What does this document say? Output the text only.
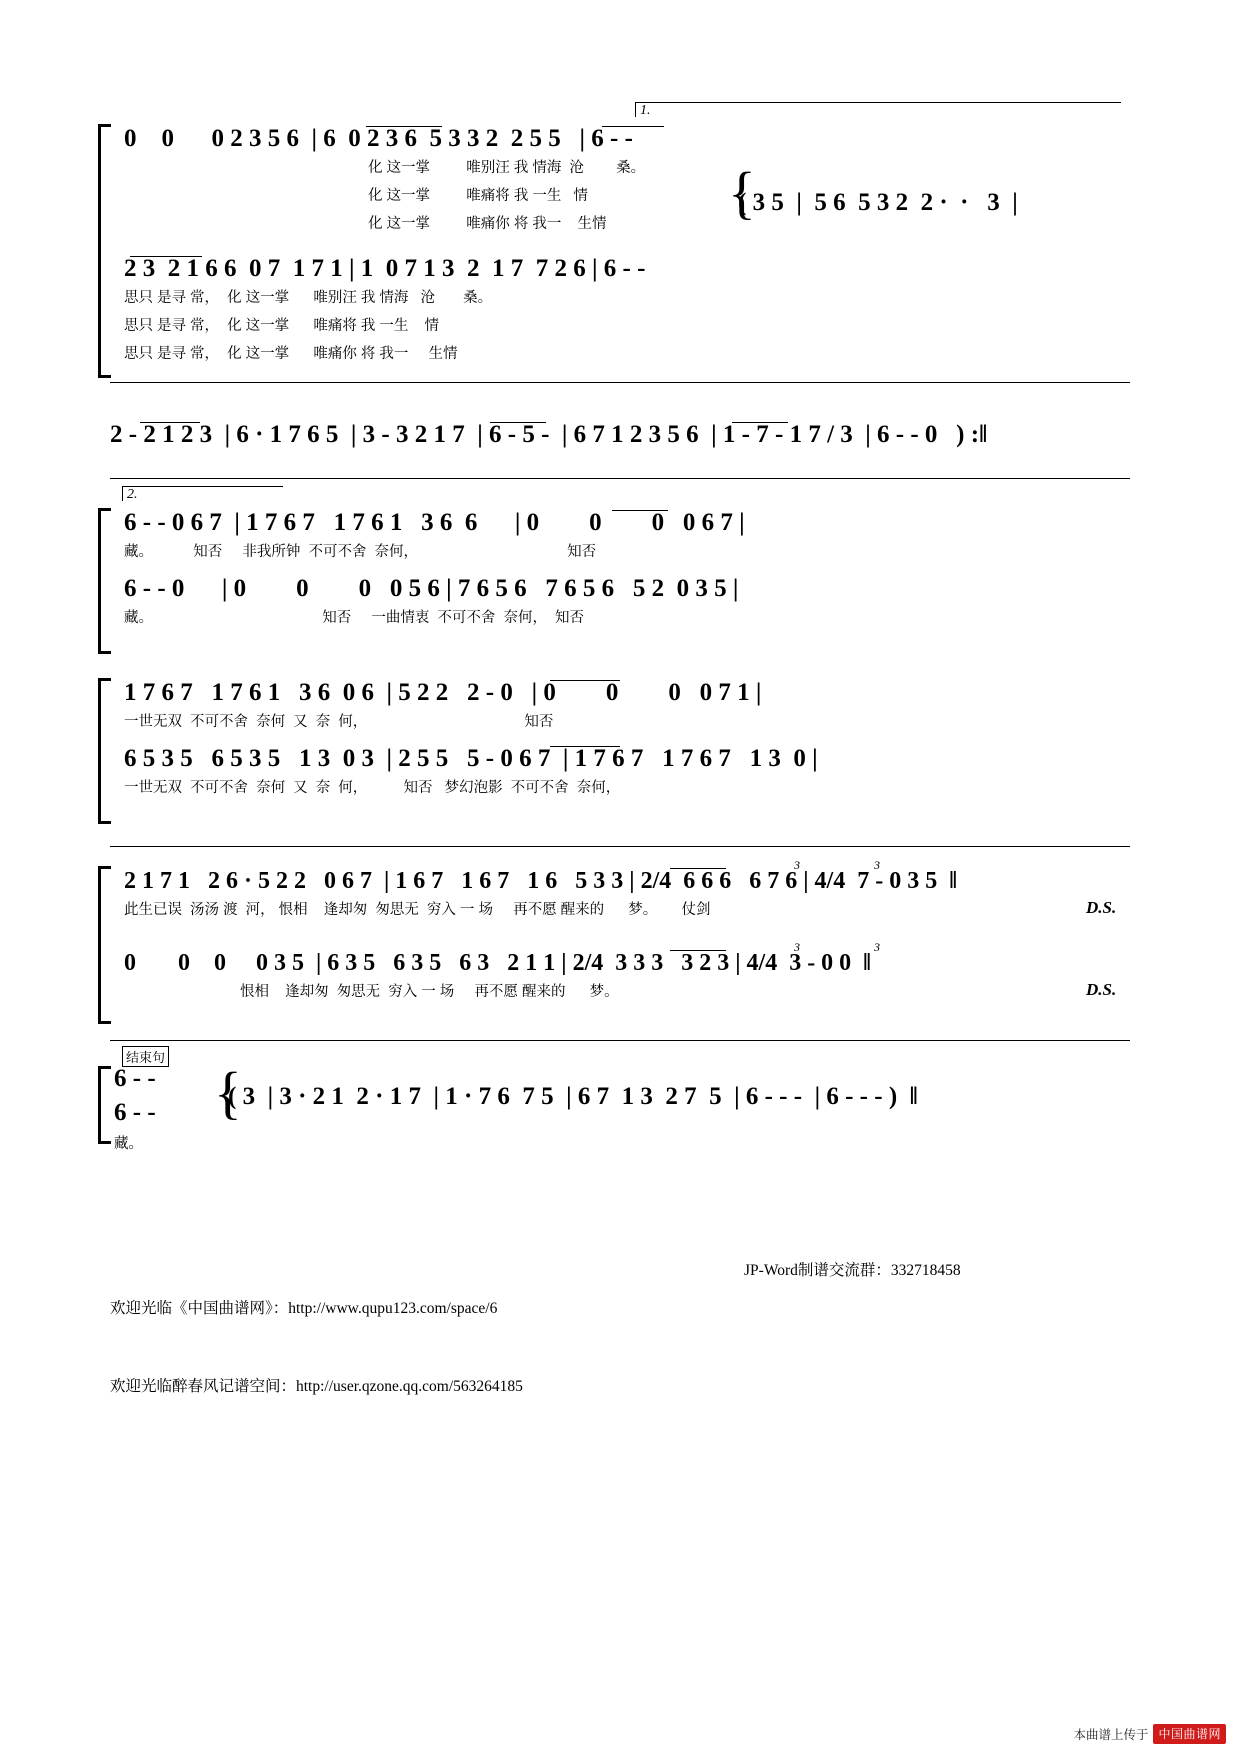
1.
0    0      0 2 3 5 6  | 6  0 2 3 6  5 3 3 2  2 5 5   | 6 - -
化 这一掌         唯别汪 我 情海  沧        桑。
化 这一掌         唯痛将 我 一生   情
化 这一掌         唯痛你 将 我一    生情
2 3  2 1 6 6  0 7  1 7 1 | 1  0 7 1 3  2  1 7  7 2 6 | 6 - -
思只 是寻 常，  化 这一掌      唯别汪 我 情海   沧       桑。
思只 是寻 常，  化 这一掌      唯痛将 我 一生    情
思只 是寻 常，  化 这一掌      唯痛你 将 我一     生情
{
( 3 5  |  5 6  5 3 2  2 ·  ·   3  |
2 - 2 1 2 3  | 6 · 1 7 6 5  | 3 - 3 2 1 7  | 6 - 5 -  | 6 7 1 2 3 5 6  | 1 - 7 - 1 7 / 3  | 6 - - 0   ) :‖
2.
6 - - 0 6 7  | 1 7 6 7   1 7 6 1   3 6  6      | 0        0        0   0 6 7 |
藏。          知否     非我所钟  不可不舍  奈何，                                     知否
6 - - 0      | 0        0        0   0 5 6 | 7 6 5 6   7 6 5 6   5 2  0 3 5 |
藏。                                          知否     一曲情衷  不可不舍  奈何，  知否
1 7 6 7   1 7 6 1   3 6  0 6  | 5 2 2   2 - 0   | 0        0        0   0 7 1 |
一世无双  不可不舍  奈何  又  奈  何，                                       知否
6 5 3 5   6 5 3 5   1 3  0 3  | 2 5 5   5 - 0 6 7  | 1 7 6 7   1 7 6 7   1 3  0 |
一世无双  不可不舍  奈何  又  奈  何，         知否   梦幻泡影  不可不舍  奈何，
2 1 7 1   2 6 · 5 2 2   0 6 7  | 1 6 7   1 6 7   1 6   5 3 3 | 2/4  6 6 6   6 7 6 | 4/4  7 - 0 3 5  ‖
3	3
此生已误  汤汤 渡  河， 恨相    逢却匆  匆思无  穷入 一 场     再不愿 醒来的      梦。      仗剑	D.S.
0       0    0     0 3 5  | 6 3 5   6 3 5   6 3   2 1 1 | 2/4  3 3 3   3 2 3 | 4/4  3 - 0 0  ‖
3	3
恨相    逢却匆  匆思无  穷入 一 场     再不愿 醒来的      梦。	D.S.
结束句
6 - -
6 - -
藏。
{
( 3  | 3 · 2 1  2 · 1 7  | 1 · 7 6  7 5  | 6 7  1 3  2 7  5  | 6 - - -  | 6 - - - )  ‖

欢迎光临《中国曲谱网》：http://www.qupu123.com/space/6

欢迎光临醉春风记谱空间：http://user.qzone.qq.com/563264185

JP-Word制谱交流群：332718458
本曲谱上传于 中国曲谱网
